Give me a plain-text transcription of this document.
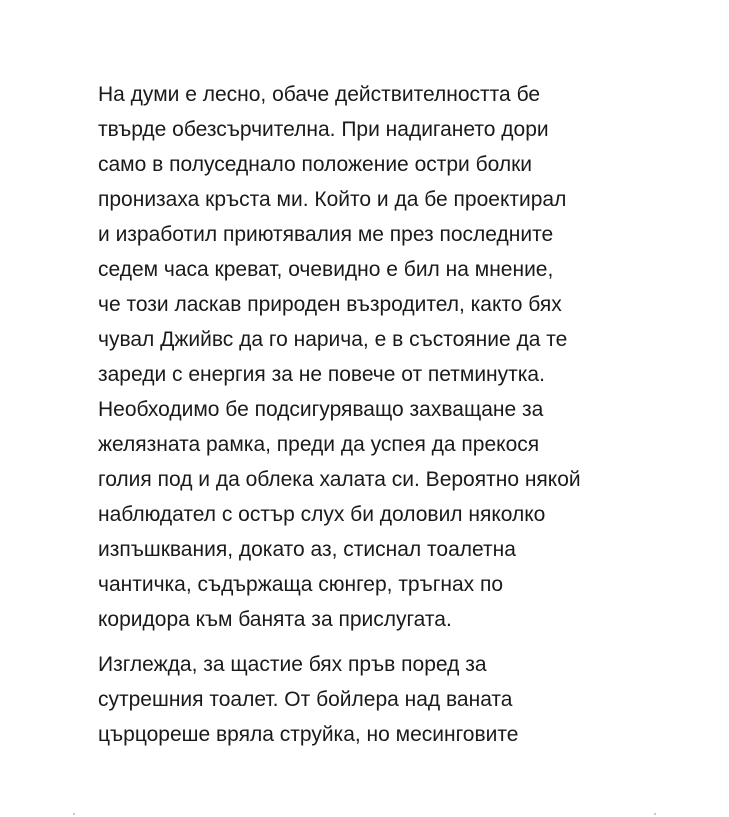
На думи е лесно, обаче действителността бе
твърде обезсърчителна. При надигането дори
само в полуседнало положение остри болки
пронизаха кръста ми. Който и да бе проектирал
и изработил приютявалия ме през последните
седем часа креват, очевидно е бил на мнение,
че този ласкав природен възродител, както бях
чувал Джийвс да го нарича, е в състояние да те
зареди с енергия за не повече от петминутка.
Необходимо бе подсигуряващо захващане за
желязната рамка, преди да успея да прекося
голия под и да облека халата си. Вероятно някой
наблюдател с остър слух би доловил няколко
изпъшквания, докато аз, стиснал тоалетна
чантичка, съдържаща сюнгер, тръгнах по
коридора към банята за прислугата.
Изглежда, за щастие бях пръв поред за
сутрешния тоалет. От бойлера над ваната
църцореше вряла струйка, но месинговите
